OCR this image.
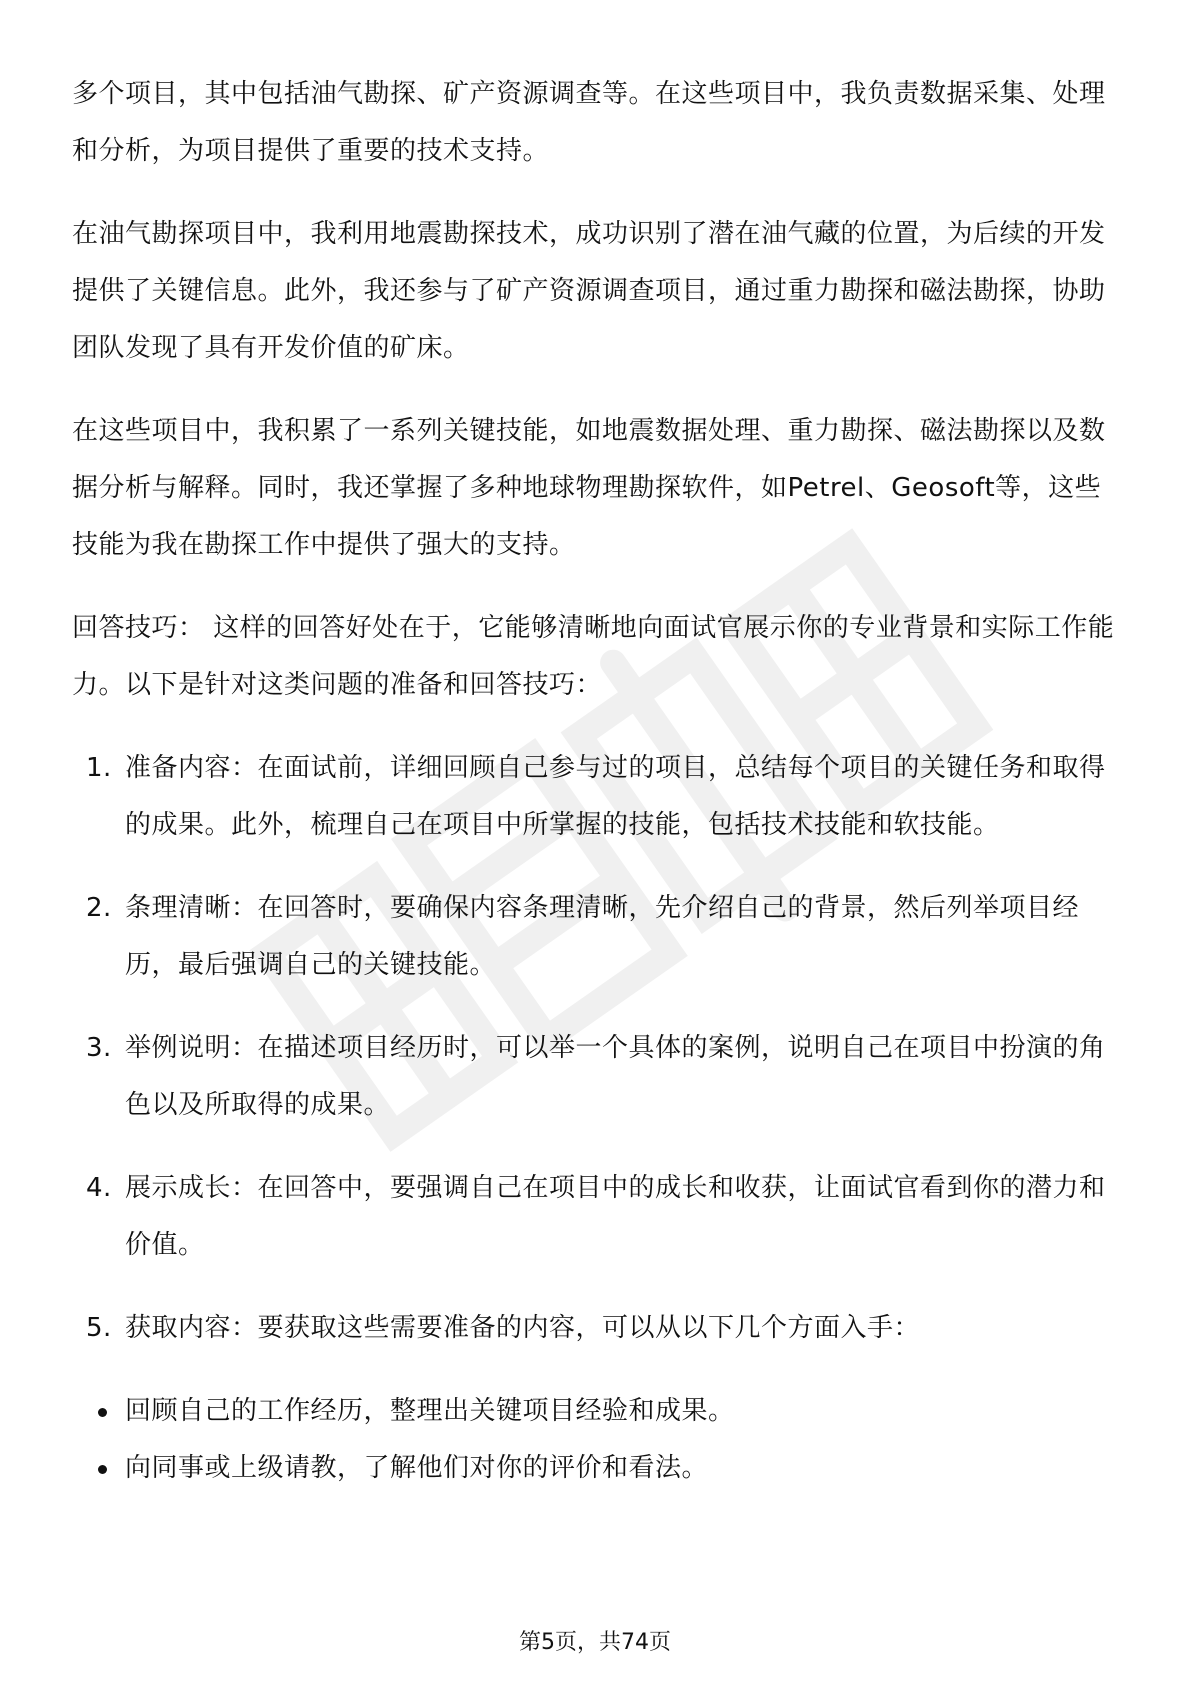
多个项目，其中包括油气勘探、矿产资源调查等。在这些项目中，我负责数据采集、处理和分析，为项目提供了重要的技术支持。

在油气勘探项目中，我利用地震勘探技术，成功识别了潜在油气藏的位置，为后续的开发提供了关键信息。此外，我还参与了矿产资源调查项目，通过重力勘探和磁法勘探，协助团队发现了具有开发价值的矿床。

在这些项目中，我积累了一系列关键技能，如地震数据处理、重力勘探、磁法勘探以及数据分析与解释。同时，我还掌握了多种地球物理勘探软件，如Petrel、Geosoft等，这些技能为我在勘探工作中提供了强大的支持。

回答技巧： 这样的回答好处在于，它能够清晰地向面试官展示你的专业背景和实际工作能力。以下是针对这类问题的准备和回答技巧：

1. 准备内容：在面试前，详细回顾自己参与过的项目，总结每个项目的关键任务和取得的成果。此外，梳理自己在项目中所掌握的技能，包括技术技能和软技能。
2. 条理清晰：在回答时，要确保内容条理清晰，先介绍自己的背景，然后列举项目经历，最后强调自己的关键技能。
3. 举例说明：在描述项目经历时，可以举一个具体的案例，说明自己在项目中扮演的角色以及所取得的成果。
4. 展示成长：在回答中，要强调自己在项目中的成长和收获，让面试官看到你的潜力和价值。
5. 获取内容：要获取这些需要准备的内容，可以从以下几个方面入手：
回顾自己的工作经历，整理出关键项目经验和成果。
向同事或上级请教，了解他们对你的评价和看法。
第5页，共74页
